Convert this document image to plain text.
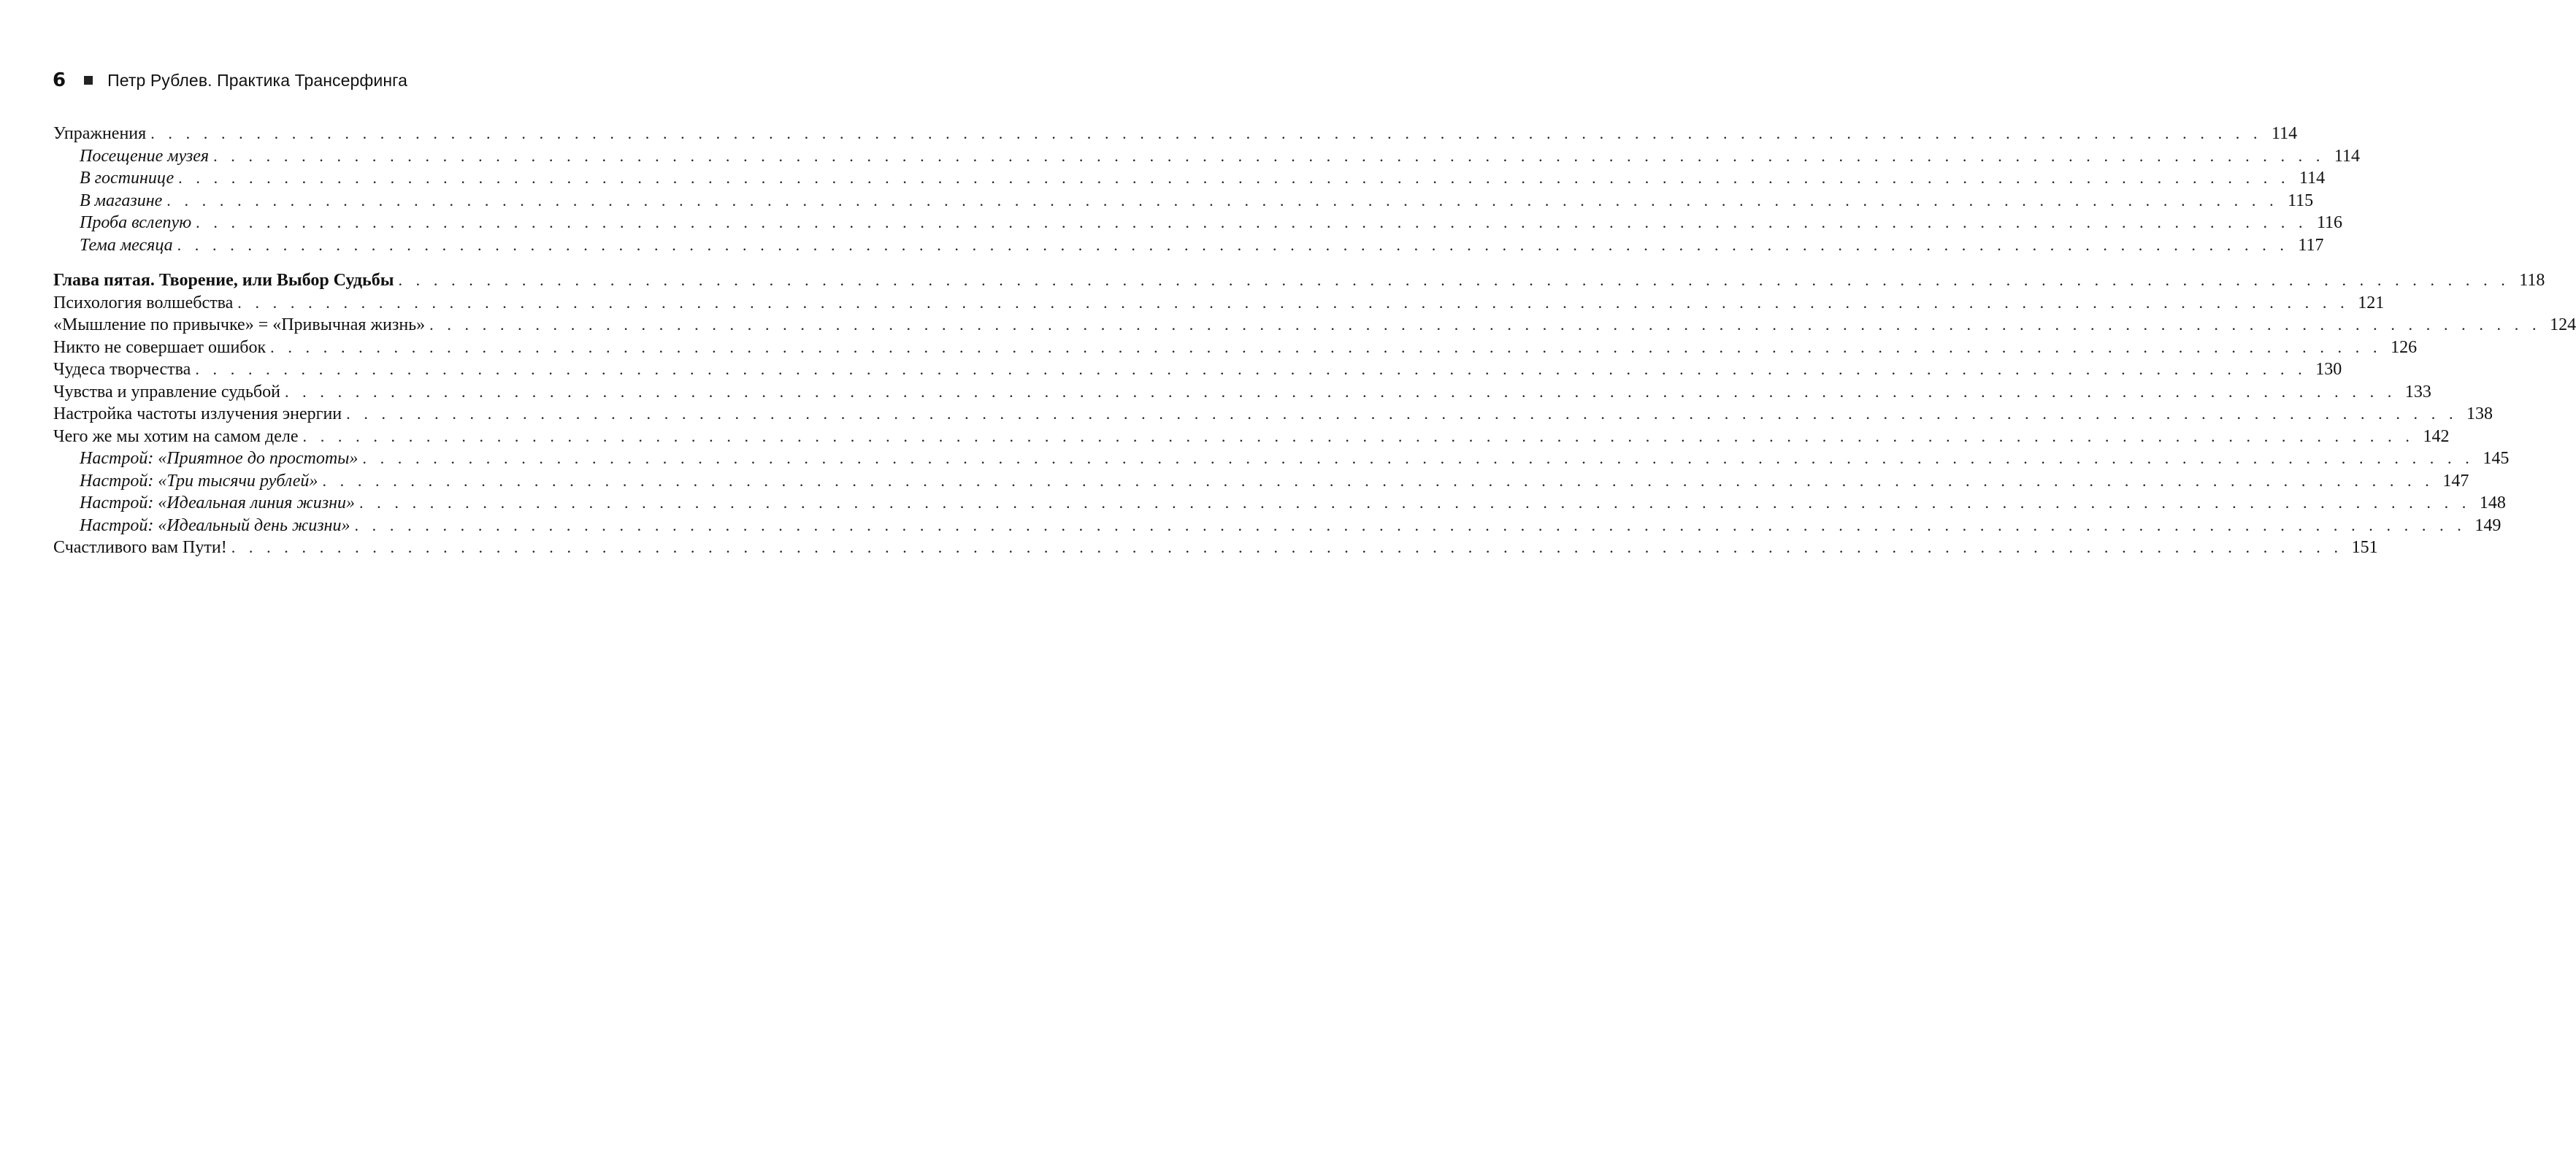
6	Петр Рублев. Практика Трансерфинга
Упражнения . . . . . . . . . . . . . . . . . . . . . . . . . . . . . . . . . . . . . . . . . . . . . . . . . . . . . . . . . . . . . . . . . . . . . . . . . . . . . . . . . . . . . . . . . . . . . . . . . . . . . . . . . . . . . . . . . . . . . . . . 114
Посещение музея . . . . . . . . . . . . . . . . . . . . . . . . . . . . . . . . . . . . . . . . . . . . . . . . . . . . . . . . . . . . . . . . . . . . . . . . . . . . . . . . . . . . . . . . . . . . . . . . . . . . . . . . . . . . . . . . . . . . . . . . 114
В гостинице . . . . . . . . . . . . . . . . . . . . . . . . . . . . . . . . . . . . . . . . . . . . . . . . . . . . . . . . . . . . . . . . . . . . . . . . . . . . . . . . . . . . . . . . . . . . . . . . . . . . . . . . . . . . . . . . . . . . . . . . 114
В магазине . . . . . . . . . . . . . . . . . . . . . . . . . . . . . . . . . . . . . . . . . . . . . . . . . . . . . . . . . . . . . . . . . . . . . . . . . . . . . . . . . . . . . . . . . . . . . . . . . . . . . . . . . . . . . . . . . . . . . . . . 115
Проба вслепую . . . . . . . . . . . . . . . . . . . . . . . . . . . . . . . . . . . . . . . . . . . . . . . . . . . . . . . . . . . . . . . . . . . . . . . . . . . . . . . . . . . . . . . . . . . . . . . . . . . . . . . . . . . . . . . . . . . . . . . . 116
Тема месяца . . . . . . . . . . . . . . . . . . . . . . . . . . . . . . . . . . . . . . . . . . . . . . . . . . . . . . . . . . . . . . . . . . . . . . . . . . . . . . . . . . . . . . . . . . . . . . . . . . . . . . . . . . . . . . . . . . . . . . . . 117
Глава пятая. Творение, или Выбор Судьбы . . . . . . . . . . . . . . . . . . . . . . . . . . . . . . . . . . . . . . . . . . . . . . . . . . . . . . . . . . . . . . . . . . . . . . . . . . . . . . . . . . . . . . . . . . . . . . . . . . . . . . . . . . . . . . . . . . . . . . . . 118
Психология волшебства . . . . . . . . . . . . . . . . . . . . . . . . . . . . . . . . . . . . . . . . . . . . . . . . . . . . . . . . . . . . . . . . . . . . . . . . . . . . . . . . . . . . . . . . . . . . . . . . . . . . . . . . . . . . . . . . . . . . . . . . 121
«Мышление по привычке» = «Привычная жизнь» . . . . . . . . . . . . . . . . . . . . . . . . . . . . . . . . . . . . . . . . . . . . . . . . . . . . . . . . . . . . . . . . . . . . . . . . . . . . . . . . . . . . . . . . . . . . . . . . . . . . . . . . . . . . . . . . . . . . . . . . 124
Никто не совершает ошибок . . . . . . . . . . . . . . . . . . . . . . . . . . . . . . . . . . . . . . . . . . . . . . . . . . . . . . . . . . . . . . . . . . . . . . . . . . . . . . . . . . . . . . . . . . . . . . . . . . . . . . . . . . . . . . . . . . . . . . . . 126
Чудеса творчества . . . . . . . . . . . . . . . . . . . . . . . . . . . . . . . . . . . . . . . . . . . . . . . . . . . . . . . . . . . . . . . . . . . . . . . . . . . . . . . . . . . . . . . . . . . . . . . . . . . . . . . . . . . . . . . . . . . . . . . . 130
Чувства и управление судьбой . . . . . . . . . . . . . . . . . . . . . . . . . . . . . . . . . . . . . . . . . . . . . . . . . . . . . . . . . . . . . . . . . . . . . . . . . . . . . . . . . . . . . . . . . . . . . . . . . . . . . . . . . . . . . . . . . . . . . . . . 133
Настройка частоты излучения энергии . . . . . . . . . . . . . . . . . . . . . . . . . . . . . . . . . . . . . . . . . . . . . . . . . . . . . . . . . . . . . . . . . . . . . . . . . . . . . . . . . . . . . . . . . . . . . . . . . . . . . . . . . . . . . . . . . . . . . . . . 138
Чего же мы хотим на самом деле . . . . . . . . . . . . . . . . . . . . . . . . . . . . . . . . . . . . . . . . . . . . . . . . . . . . . . . . . . . . . . . . . . . . . . . . . . . . . . . . . . . . . . . . . . . . . . . . . . . . . . . . . . . . . . . . . . . . . . . . 142
Настрой: «Приятное до простоты» . . . . . . . . . . . . . . . . . . . . . . . . . . . . . . . . . . . . . . . . . . . . . . . . . . . . . . . . . . . . . . . . . . . . . . . . . . . . . . . . . . . . . . . . . . . . . . . . . . . . . . . . . . . . . . . . . . . . . . . . 145
Настрой: «Три тысячи рублей» . . . . . . . . . . . . . . . . . . . . . . . . . . . . . . . . . . . . . . . . . . . . . . . . . . . . . . . . . . . . . . . . . . . . . . . . . . . . . . . . . . . . . . . . . . . . . . . . . . . . . . . . . . . . . . . . . . . . . . . . 147
Настрой: «Идеальная линия жизни» . . . . . . . . . . . . . . . . . . . . . . . . . . . . . . . . . . . . . . . . . . . . . . . . . . . . . . . . . . . . . . . . . . . . . . . . . . . . . . . . . . . . . . . . . . . . . . . . . . . . . . . . . . . . . . . . . . . . . . . . 148
Настрой: «Идеальный день жизни» . . . . . . . . . . . . . . . . . . . . . . . . . . . . . . . . . . . . . . . . . . . . . . . . . . . . . . . . . . . . . . . . . . . . . . . . . . . . . . . . . . . . . . . . . . . . . . . . . . . . . . . . . . . . . . . . . . . . . . . . 149
Счастливого вам Пути! . . . . . . . . . . . . . . . . . . . . . . . . . . . . . . . . . . . . . . . . . . . . . . . . . . . . . . . . . . . . . . . . . . . . . . . . . . . . . . . . . . . . . . . . . . . . . . . . . . . . . . . . . . . . . . . . . . . . . . . . 151
